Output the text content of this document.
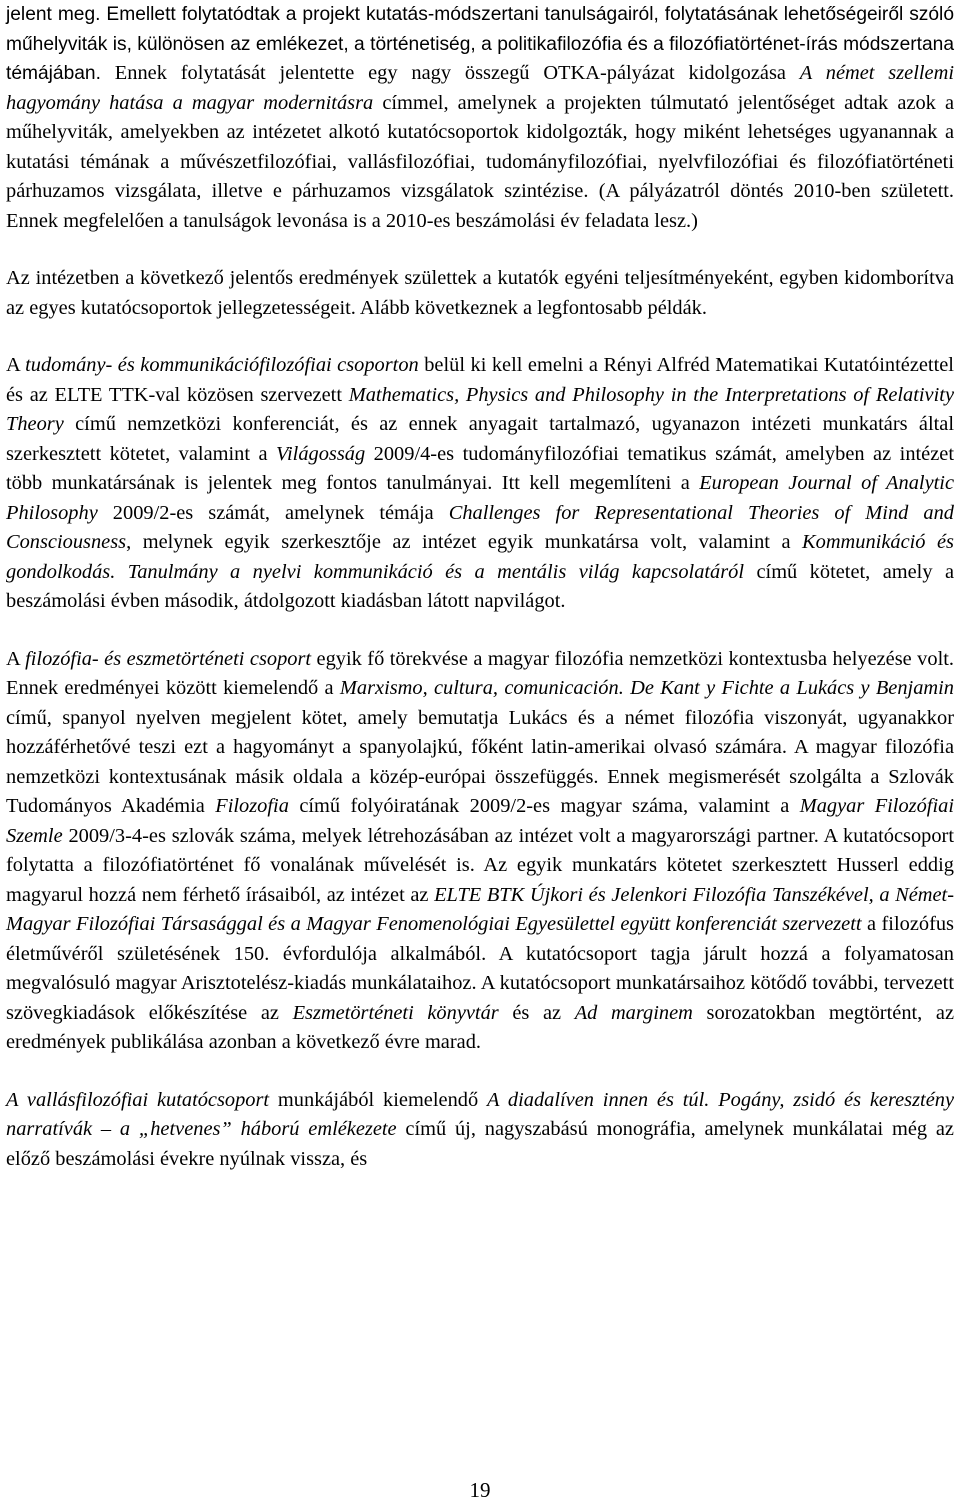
jelent meg. Emellett folytatódtak a projekt kutatás-módszertani tanulságairól, folytatásának lehetőségeiről szóló műhelyviták is, különösen az emlékezet, a történetiség, a politikafilozófia és a filozófiatörténet-írás módszertana témájában. Ennek folytatását jelentette egy nagy összegű OTKA-pályázat kidolgozása A német szellemi hagyomány hatása a magyar modernitásra címmel, amelynek a projekten túlmutató jelentőséget adtak azok a műhelyviták, amelyekben az intézetet alkotó kutatócsoportok kidolgozták, hogy miként lehetséges ugyanannak a kutatási témának a művészetfilozófiai, vallásfilozófiai, tudományfilozófiai, nyelvfilozófiai és filozófiatörténeti párhuzamos vizsgálata, illetve e párhuzamos vizsgálatok szintézise. (A pályázatról döntés 2010-ben született. Ennek megfelelően a tanulságok levonása is a 2010-es beszámolási év feladata lesz.)

Az intézetben a következő jelentős eredmények születtek a kutatók egyéni teljesítményeként, egyben kidomborítva az egyes kutatócsoportok jellegzetességeit. Alább következnek a legfontosabb példák.

A tudomány- és kommunikációfilozófiai csoporton belül ki kell emelni a Rényi Alfréd Matematikai Kutatóintézettel és az ELTE TTK-val közösen szervezett Mathematics, Physics and Philosophy in the Interpretations of Relativity Theory című nemzetközi konferenciát, és az ennek anyagait tartalmazó, ugyanazon intézeti munkatárs által szerkesztett kötetet, valamint a Világosság 2009/4-es tudományfilozófiai tematikus számát, amelyben az intézet több munkatársának is jelentek meg fontos tanulmányai. Itt kell megemlíteni a European Journal of Analytic Philosophy 2009/2-es számát, amelynek témája Challenges for Representational Theories of Mind and Consciousness, melynek egyik szerkesztője az intézet egyik munkatársa volt, valamint a Kommunikáció és gondolkodás. Tanulmány a nyelvi kommunikáció és a mentális világ kapcsolatáról című kötetet, amely a beszámolási évben második, átdolgozott kiadásban látott napvilágot.

A filozófia- és eszmetörténeti csoport egyik fő törekvése a magyar filozófia nemzetközi kontextusba helyezése volt. Ennek eredményei között kiemelendő a Marxismo, cultura, comunicación. De Kant y Fichte a Lukács y Benjamin című, spanyol nyelven megjelent kötet, amely bemutatja Lukács és a német filozófia viszonyát, ugyanakkor hozzáférhetővé teszi ezt a hagyományt a spanyolajkú, főként latin-amerikai olvasó számára. A magyar filozófia nemzetközi kontextusának másik oldala a közép-európai összefüggés. Ennek megismerését szolgálta a Szlovák Tudományos Akadémia Filozofia című folyóiratának 2009/2-es magyar száma, valamint a Magyar Filozófiai Szemle 2009/3-4-es szlovák száma, melyek létrehozásában az intézet volt a magyarországi partner. A kutatócsoport folytatta a filozófiatörténet fő vonalának művelését is. Az egyik munkatárs kötetet szerkesztett Husserl eddig magyarul hozzá nem férhető írásaiból, az intézet az ELTE BTK Újkori és Jelenkori Filozófia Tanszékével, a Német-Magyar Filozófiai Társasággal és a Magyar Fenomenológiai Egyesülettel együtt konferenciát szervezett a filozófus életművéről születésének 150. évfordulója alkalmából. A kutatócsoport tagja járult hozzá a folyamatosan megvalósuló magyar Arisztotelész-kiadás munkálataihoz. A kutatócsoport munkatársaihoz kötődő további, tervezett szövegkiadások előkészítése az Eszmetörténeti könyvtár és az Ad marginem sorozatokban megtörtént, az eredmények publikálása azonban a következő évre marad.

A vallásfilozófiai kutatócsoport munkájából kiemelendő A diadalíven innen és túl. Pogány, zsidó és keresztény narratívák – a „hetvenes” háború emlékezete című új, nagyszabású monográfia, amelynek munkálatai még az előző beszámolási évekre nyúlnak vissza, és

19
